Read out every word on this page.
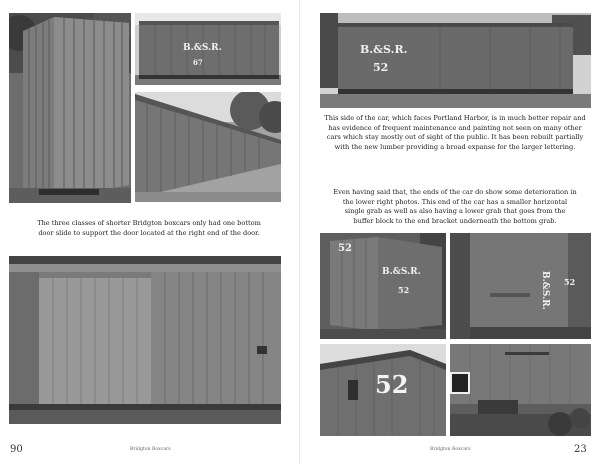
B.&S.R.
67
The three classes of shorter Bridgton boxcars only had one bottom
door slide to support the door located at the right end of the door.
90	Bridgton Boxcars
B.&S.R.
52
This side of the car, which faces Portland Harbor, is in much better repair and
has evidence of frequent maintenance and painting not seen on many other
cars which stay mostly out of sight of the public. It has been rebuilt partially
with the new lumber providing a broad expanse for the larger lettering.
Even having said that, the ends of the car do show some deterioration in
the lower right photos. This end of the car has a smaller horizontal
single grab as well as also having a lower grab that goes from the
buffer block to the end bracket underneath the bottom grab.
52
B.&S.R.
52	B.&S.R. 52
52
23
Bridgton Boxcars
